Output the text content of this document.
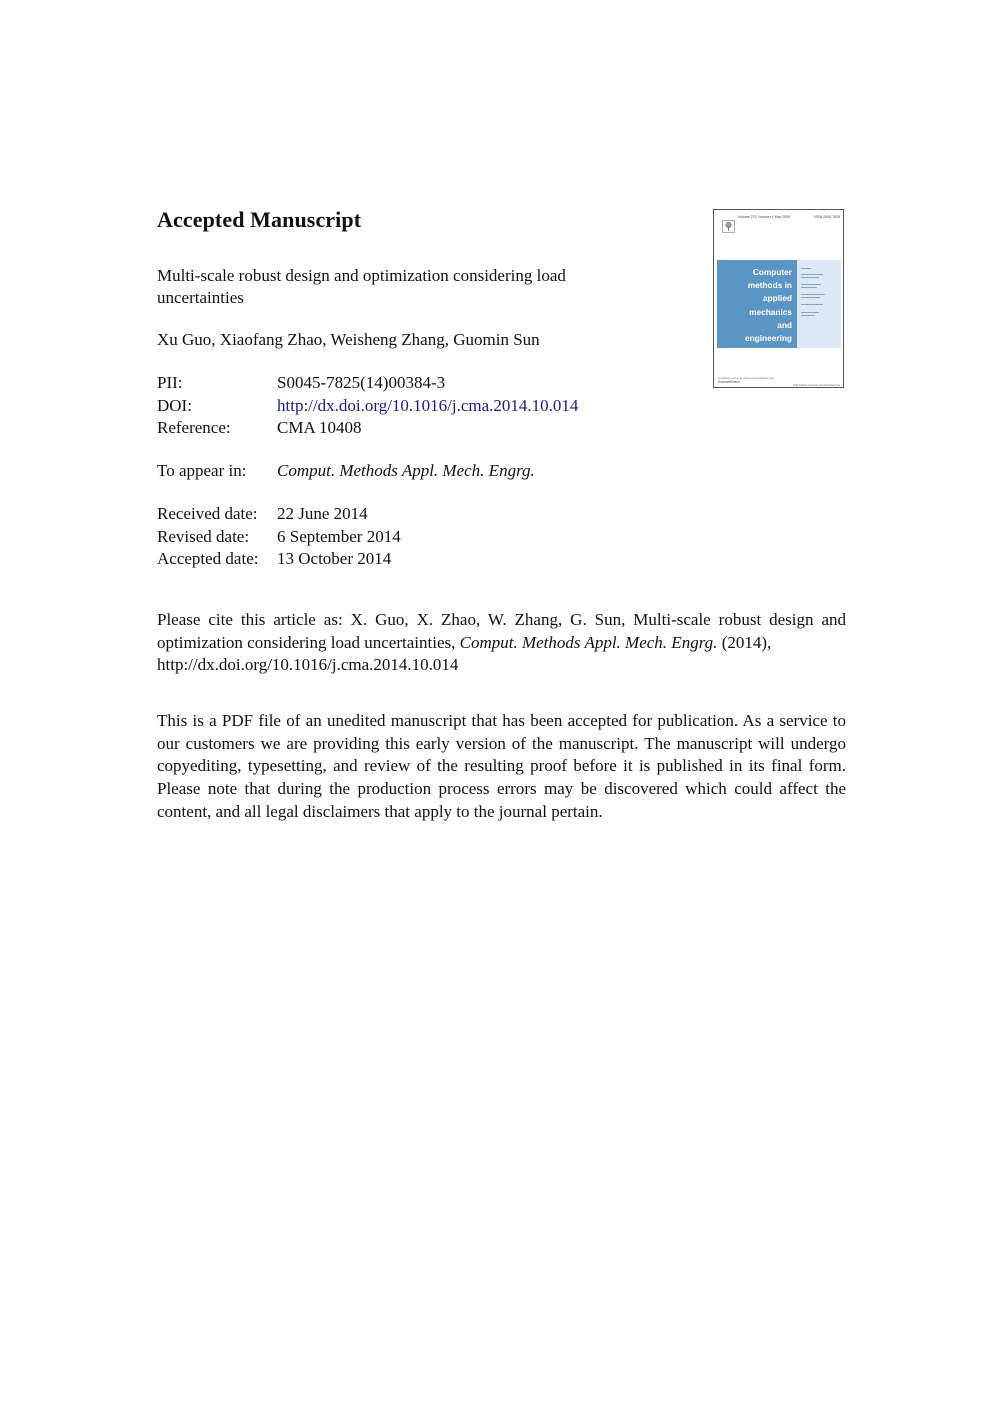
Accepted Manuscript
Multi-scale robust design and optimization considering load
uncertainties
Xu Guo, Xiaofang Zhao, Weisheng Zhang, Guomin Sun
PII:	S0045-7825(14)00384-3
DOI:	http://dx.doi.org/10.1016/j.cma.2014.10.014
Reference:	CMA 10408
To appear in:	Comput. Methods Appl. Mech. Engrg.
Received date:	22 June 2014
Revised date:	6 September 2014
Accepted date:	13 October 2014
Please cite this article as: X. Guo, X. Zhao, W. Zhang, G. Sun, Multi-scale robust design and optimization considering load uncertainties, Comput. Methods Appl. Mech. Engrg. (2014),
http://dx.doi.org/10.1016/j.cma.2014.10.014
This is a PDF file of an unedited manuscript that has been accepted for publication. As a service to our customers we are providing this early version of the manuscript. The manuscript will undergo copyediting, typesetting, and review of the resulting proof before it is published in its final form. Please note that during the production process errors may be discovered which could affect the content, and all legal disclaimers that apply to the journal pertain.
Volume 273, Number 1 May 2009	ISSN 0045-7825
Computer
methods in
applied
mechanics
and
engineering
Available online at www.sciencedirect.com
ScienceDirect
http://www.elsevier.com/locate/cma
